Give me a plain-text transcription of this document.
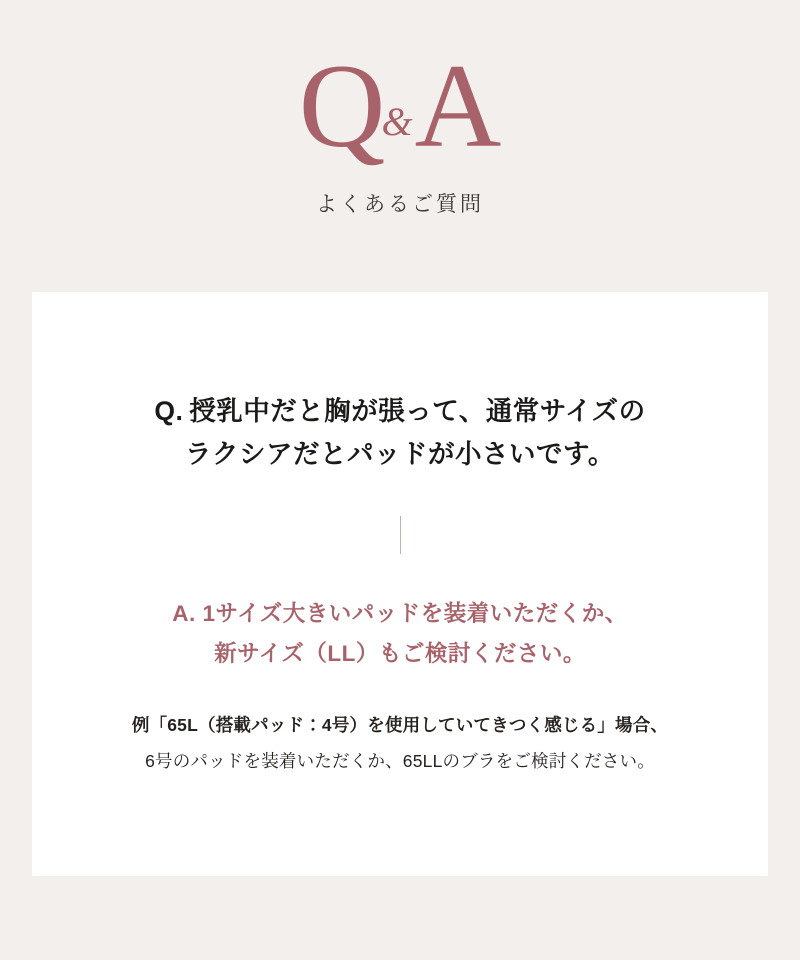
Q&A
よくあるご質問
Q. 授乳中だと胸が張って、通常サイズの
ラクシアだとパッドが小さいです。
A. 1サイズ大きいパッドを装着いただくか、
新サイズ（LL）もご検討ください。
例「65L（搭載パッド：4号）を使用していてきつく感じる」場合、
6号のパッドを装着いただくか、65LLのブラをご検討ください。
